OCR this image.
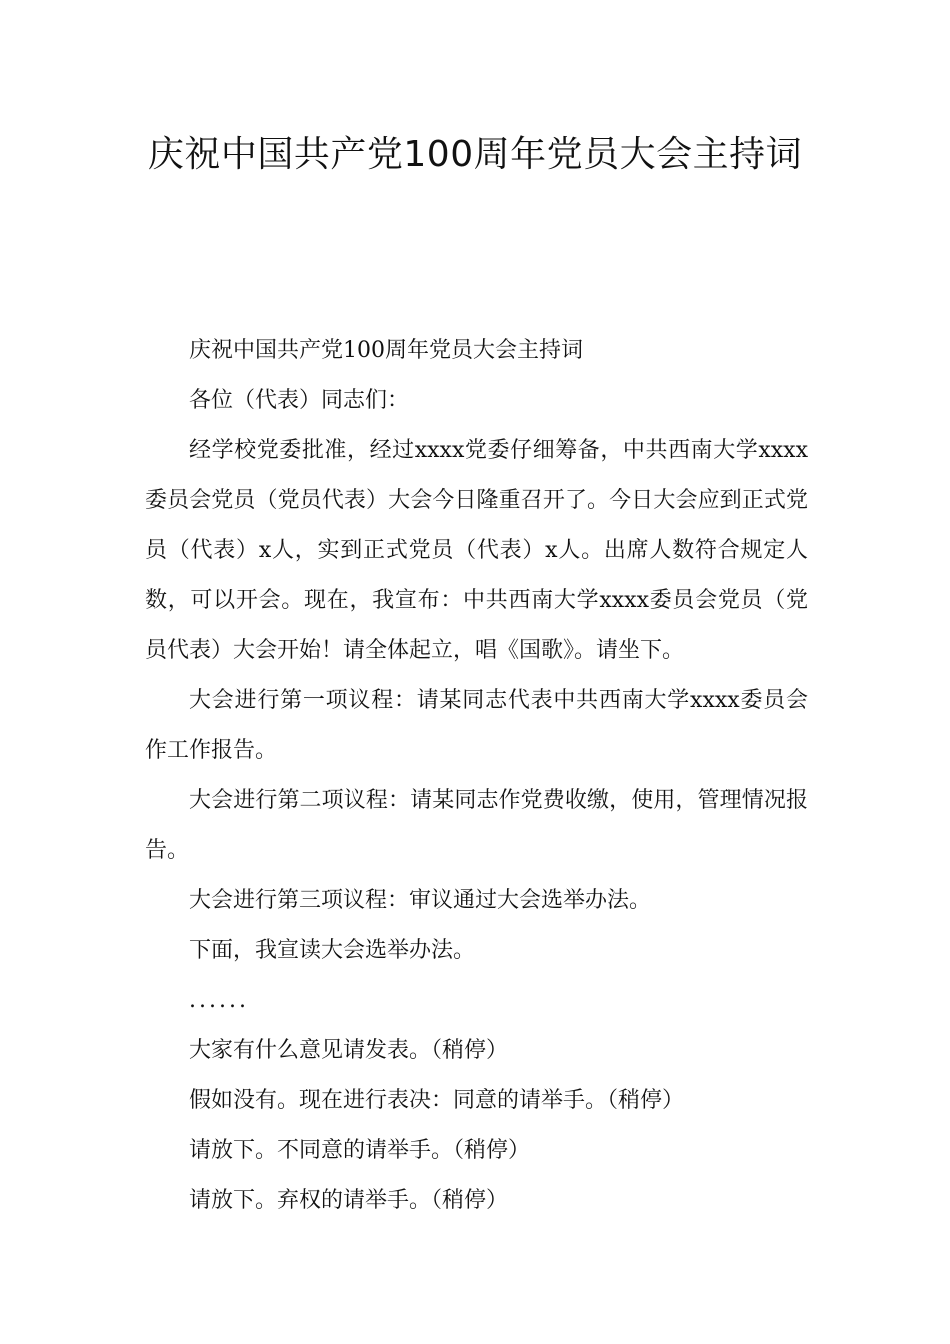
庆祝中国共产党100周年党员大会主持词

庆祝中国共产党100周年党员大会主持词

各位（代表）同志们：

经学校党委批准，经过xxxx党委仔细筹备，中共西南大学xxxx委员会党员（党员代表）大会今日隆重召开了。今日大会应到正式党员（代表）x人，实到正式党员（代表）x人。出席人数符合规定人数，可以开会。现在，我宣布：中共西南大学xxxx委员会党员（党员代表）大会开始！请全体起立，唱《国歌》。请坐下。

大会进行第一项议程：请某同志代表中共西南大学xxxx委员会作工作报告。

大会进行第二项议程：请某同志作党费收缴，使用，管理情况报告。

大会进行第三项议程：审议通过大会选举办法。

下面，我宣读大会选举办法。

......

大家有什么意见请发表。（稍停）

假如没有。现在进行表决：同意的请举手。（稍停）

请放下。不同意的请举手。（稍停）

请放下。弃权的请举手。（稍停）
